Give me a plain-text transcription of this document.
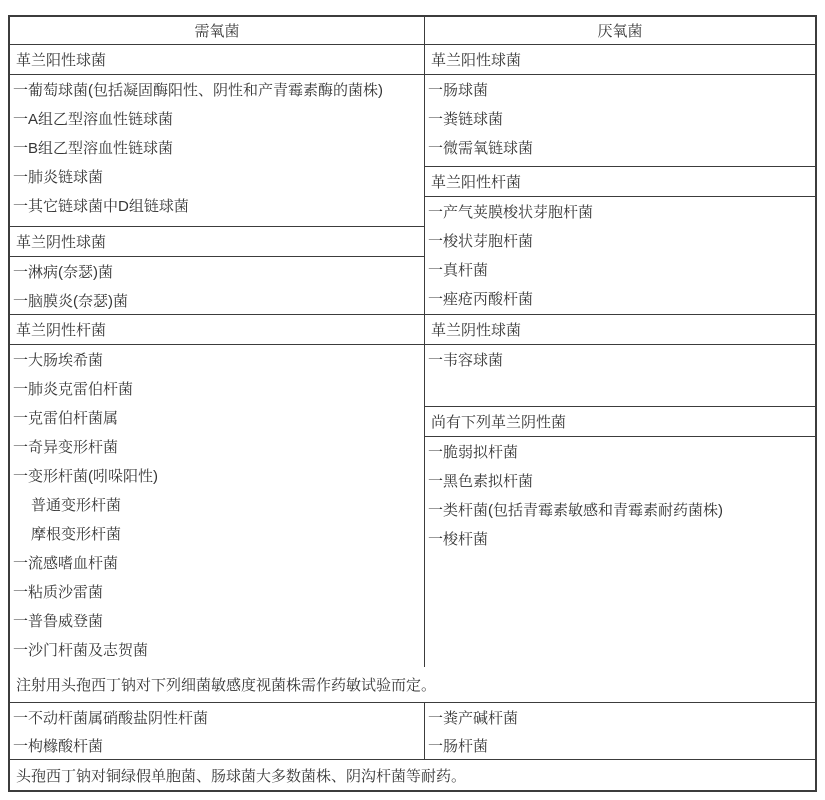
需氧菌	厌氧菌
革兰阳性球菌
一葡萄球菌(包括凝固酶阳性、阴性和产青霉素酶的菌株)
一A组乙型溶血性链球菌
一B组乙型溶血性链球菌
一肺炎链球菌
一其它链球菌中D组链球菌
革兰阴性球菌
一淋病(奈瑟)菌
一脑膜炎(奈瑟)菌
革兰阴性杆菌
一大肠埃希菌
一肺炎克雷伯杆菌
一克雷伯杆菌属
一奇异变形杆菌
一变形杆菌(吲哚阳性)
普通变形杆菌
摩根变形杆菌
一流感嗜血杆菌
一粘质沙雷菌
一普鲁威登菌
一沙门杆菌及志贺菌
革兰阳性球菌
一肠球菌
一粪链球菌
一微需氧链球菌
革兰阳性杆菌
一产气荚膜梭状芽胞杆菌
一梭状芽胞杆菌
一真杆菌
一痤疮丙酸杆菌
革兰阴性球菌
一韦容球菌
尚有下列革兰阴性菌
一脆弱拟杆菌
一黑色素拟杆菌
一类杆菌(包括青霉素敏感和青霉素耐药菌株)
一梭杆菌
注射用头孢西丁钠对下列细菌敏感度视菌株需作药敏试验而定。
一不动杆菌属硝酸盐阴性杆菌
一枸橼酸杆菌
一粪产碱杆菌
一肠杆菌
头孢西丁钠对铜绿假单胞菌、肠球菌大多数菌株、阴沟杆菌等耐药。
